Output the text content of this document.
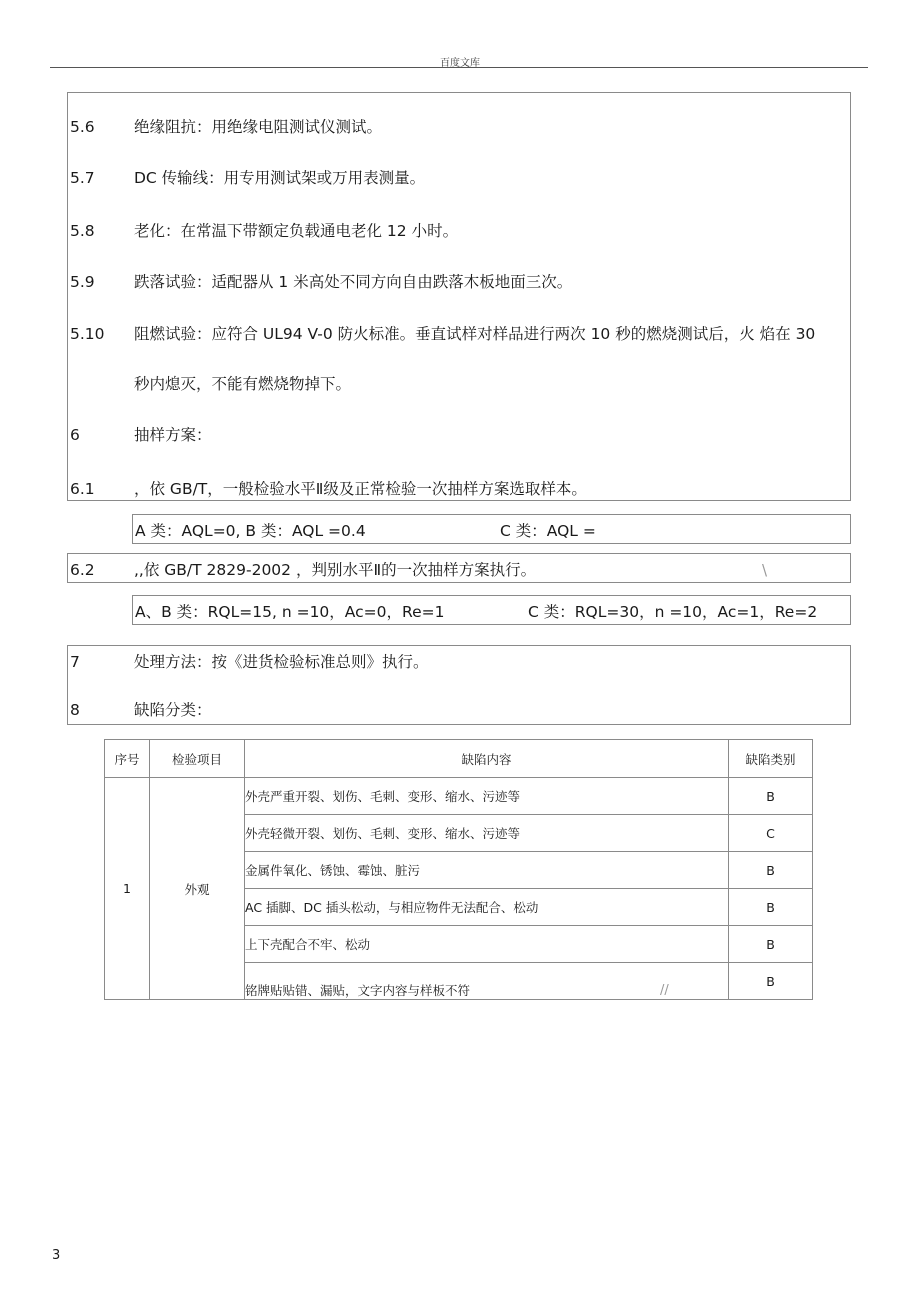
百度文库
5.6	绝缘阻抗：用绝缘电阻测试仪测试。
5.7	DC 传输线：用专用测试架或万用表测量。
5.8	老化：在常温下带额定负载通电老化 12 小时。
5.9	跌落试验：适配器从 1 米高处不同方向自由跌落木板地面三次。
5.10 阻燃试验：应符合 UL94 V-0 防火标准。垂直试样对样品进行两次 10 秒的燃烧测试后，火 焰在 30
秒内熄灭，不能有燃烧物掉下。
6	抽样方案：
6.1	，依 GB/T，一般检验水平Ⅱ级及正常检验一次抽样方案选取样本。
A 类：AQL=0, B 类：AQL =0.4	C 类：AQL =
6.2	,,依 GB/T 2829-2002 ，判别水平Ⅱ的一次抽样方案执行。	\
A、B 类：RQL=15, n =10，Ac=0，Re=1	C 类：RQL=30，n =10，Ac=1，Re=2
7	处理方法：按《进货检验标准总则》执行。
8	缺陷分类：
序号	检验项目	缺陷内容	缺陷类别
1	外观	外壳严重开裂、划伤、毛刺、变形、缩水、污迹等	B
		外壳轻微开裂、划伤、毛刺、变形、缩水、污迹等	C
		金属件氧化、锈蚀、霉蚀、脏污	B
		AC 插脚、DC 插头松动，与相应物件无法配合、松动	B
		上下壳配合不牢、松动	B
		铭牌贴贴错、漏贴，文字内容与样板不符 //	B
3
